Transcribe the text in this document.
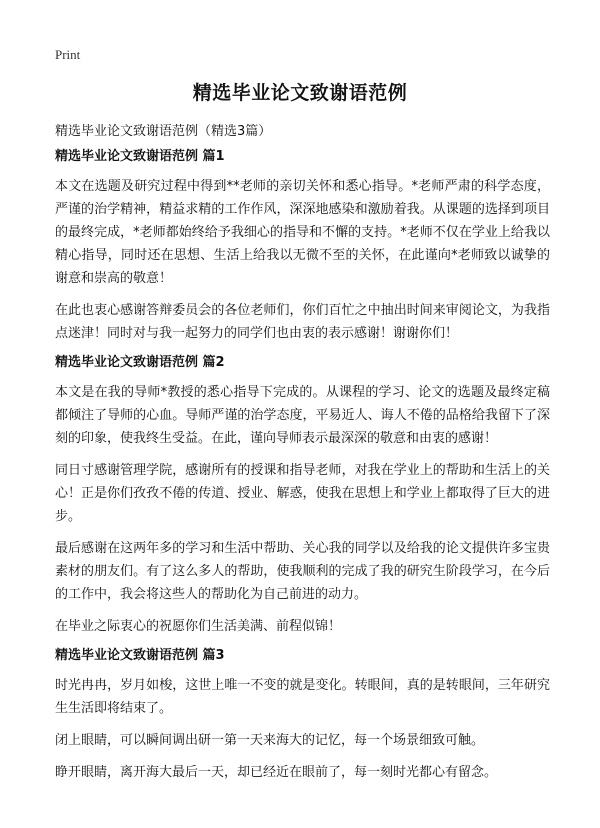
Print
精选毕业论文致谢语范例

精选毕业论文致谢语范例（精选3篇）

精选毕业论文致谢语范例 篇1

本文在选题及研究过程中得到**老师的亲切关怀和悉心指导。*老师严肃的科学态度，严谨的治学精神，精益求精的工作作风，深深地感染和激励着我。从课题的选择到项目的最终完成，*老师都始终给予我细心的指导和不懈的支持。*老师不仅在学业上给我以精心指导，同时还在思想、生活上给我以无微不至的关怀，在此谨向*老师致以诚挚的谢意和崇高的敬意！

在此也衷心感谢答辩委员会的各位老师们，你们百忙之中抽出时间来审阅论文，为我指点迷津！同时对与我一起努力的同学们也由衷的表示感谢！谢谢你们！

精选毕业论文致谢语范例 篇2

本文是在我的导师*教授的悉心指导下完成的。从课程的学习、论文的选题及最终定稿都倾注了导师的心血。导师严谨的治学态度，平易近人、诲人不倦的品格给我留下了深刻的印象，使我终生受益。在此，谨向导师表示最深深的敬意和由衷的感谢！

同日寸感谢管理学院，感谢所有的授课和指导老师，对我在学业上的帮助和生活上的关心！正是你们孜孜不倦的传道、授业、解惑，使我在思想上和学业上都取得了巨大的进步。

最后感谢在这两年多的学习和生活中帮助、关心我的同学以及给我的论文提供许多宝贵素材的朋友们。有了这么多人的帮助，使我顺利的完成了我的研究生阶段学习，在今后的工作中，我会将这些人的帮助化为自己前进的动力。

在毕业之际衷心的祝愿你们生活美满、前程似锦！

精选毕业论文致谢语范例 篇3

时光冉冉，岁月如梭，这世上唯一不变的就是变化。转眼间，真的是转眼间，三年研究生生活即将结束了。

闭上眼睛，可以瞬间调出研一第一天来海大的记忆，每一个场景细致可触。

睁开眼睛，离开海大最后一天，却已经近在眼前了，每一刻时光都心有留念。
